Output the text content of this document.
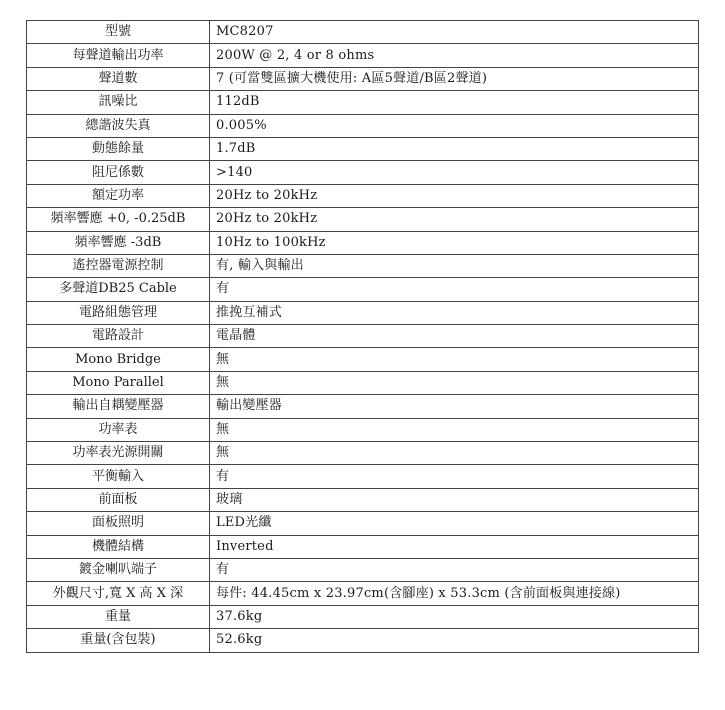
型號	MC8207
每聲道輸出功率	200W @ 2, 4 or 8 ohms
聲道數	7 (可當雙區擴大機使用: A區5聲道/B區2聲道)
訊噪比	112dB
總諧波失真	0.005%
動態餘量	1.7dB
阻尼係數	>140
額定功率	20Hz to 20kHz
頻率響應 +0, -0.25dB	20Hz to 20kHz
頻率響應 -3dB	10Hz to 100kHz
遙控器電源控制	有, 輸入與輸出
多聲道DB25 Cable	有
電路組態管理	推挽互補式
電路設計	電晶體
Mono Bridge	無
Mono Parallel	無
輸出自耦變壓器	輸出變壓器
功率表	無
功率表光源開關	無
平衡輸入	有
前面板	玻璃
面板照明	LED光纖
機體結構	Inverted
鍍金喇叭端子	有
外觀尺寸,寬 X 高 X 深	每件: 44.45cm x 23.97cm(含腳座) x 53.3cm (含前面板與連接線)
重量	37.6kg
重量(含包裝)	52.6kg
